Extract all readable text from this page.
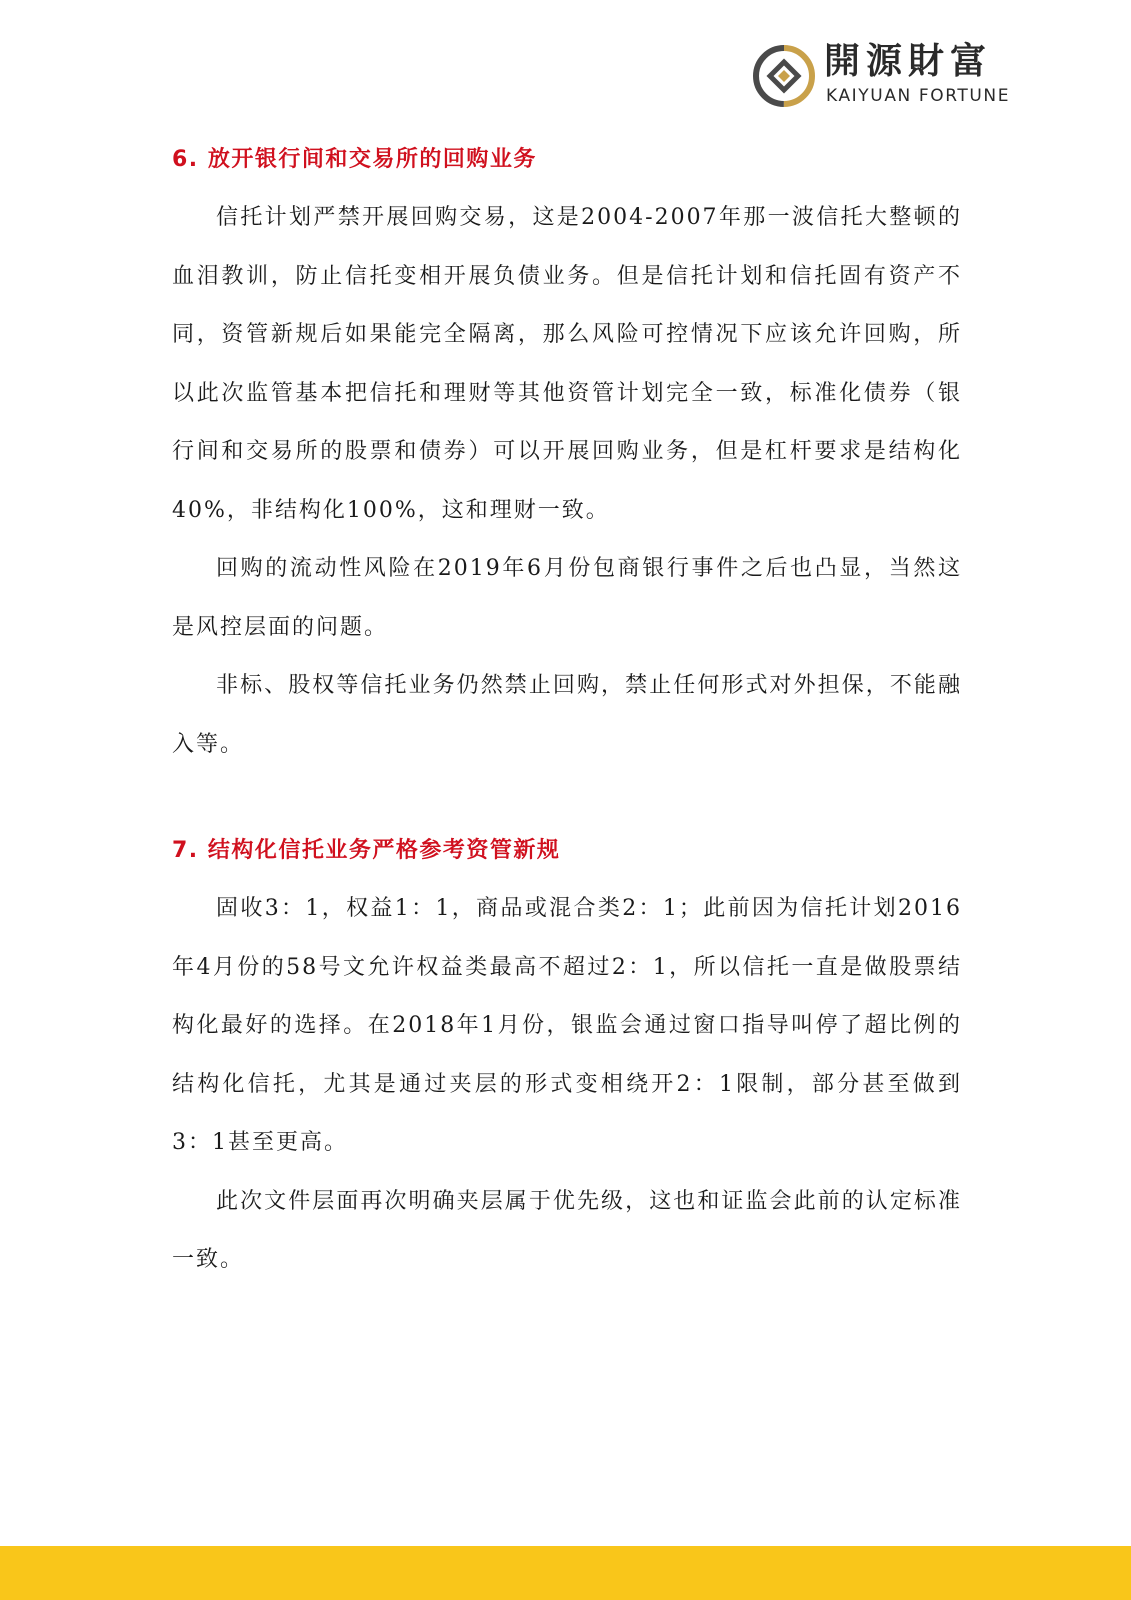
開源財富
KAIYUAN FORTUNE
6. 放开银行间和交易所的回购业务

信托计划严禁开展回购交易，这是2004-2007年那一波信托大整顿的血泪教训，防止信托变相开展负债业务。但是信托计划和信托固有资产不同，资管新规后如果能完全隔离，那么风险可控情况下应该允许回购，所以此次监管基本把信托和理财等其他资管计划完全一致，标准化债券（银行间和交易所的股票和债券）可以开展回购业务，但是杠杆要求是结构化40%，非结构化100%，这和理财一致。

回购的流动性风险在2019年6月份包商银行事件之后也凸显，当然这是风控层面的问题。

非标、股权等信托业务仍然禁止回购，禁止任何形式对外担保，不能融入等。

7. 结构化信托业务严格参考资管新规

固收3：1，权益1：1，商品或混合类2：1；此前因为信托计划2016年4月份的58号文允许权益类最高不超过2：1，所以信托一直是做股票结构化最好的选择。在2018年1月份，银监会通过窗口指导叫停了超比例的结构化信托，尤其是通过夹层的形式变相绕开2：1限制，部分甚至做到3：1甚至更高。

此次文件层面再次明确夹层属于优先级，这也和证监会此前的认定标准一致。
